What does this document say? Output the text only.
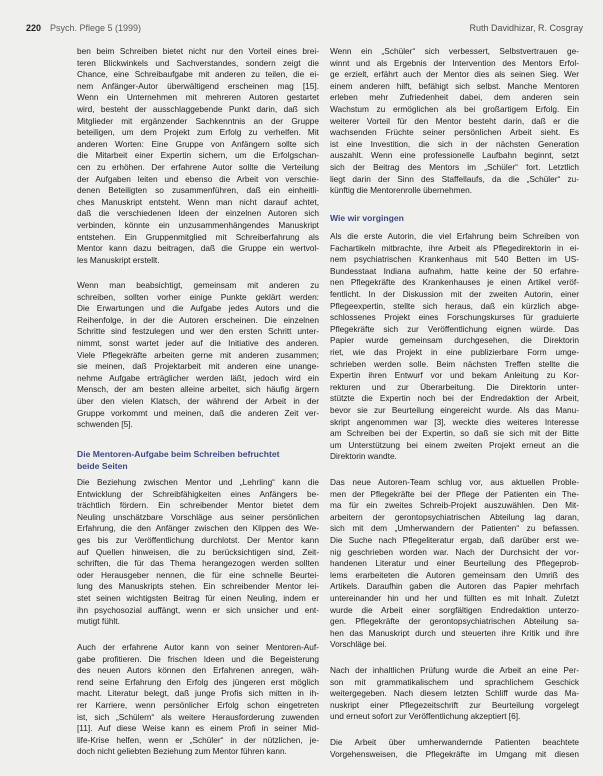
220 Psych. Pflege 5 (1999)	Ruth Davidhizar, R. Cosgray
ben beim Schreiben bietet nicht nur den Vorteil eines brei-
teren Blickwinkels und Sachverstandes, sondern zeigt die
Chance, eine Schreibaufgabe mit anderen zu teilen, die ei-
nem Anfänger-Autor überwältigend erscheinen mag [15].
Wenn ein Unternehmen mit mehreren Autoren gestartet
wird, besteht der ausschlaggebende Punkt darin, daß sich
Mitglieder mit ergänzender Sachkenntnis an der Gruppe
beteiligen, um dem Projekt zum Erfolg zu verhelfen. Mit
anderen Worten: Eine Gruppe von Anfängern sollte sich
die Mitarbeit einer Expertin sichern, um die Erfolgschan-
cen zu erhöhen. Der erfahrene Autor sollte die Verteilung
der Aufgaben leiten und ebenso die Arbeit von verschie-
denen Beteiligten so zusammenführen, daß ein einheitli-
ches Manuskript entsteht. Wenn man nicht darauf achtet,
daß die verschiedenen Ideen der einzelnen Autoren sich
verbinden, könnte ein unzusammenhängendes Manuskript
entstehen. Ein Gruppenmitglied mit Schreiberfahrung als
Mentor kann dazu beitragen, daß die Gruppe ein wertvol-
les Manuskript erstellt.
Wenn man beabsichtigt, gemeinsam mit anderen zu
schreiben, sollten vorher einige Punkte geklärt werden:
Die Erwartungen und die Aufgabe jedes Autors und die
Reihenfolge, in der die Autoren erscheinen. Die einzelnen
Schritte sind festzulegen und wer den ersten Schritt unter-
nimmt, sonst wartet jeder auf die Initiative des anderen.
Viele Pflegekräfte arbeiten gerne mit anderen zusammen;
sie meinen, daß Projektarbeit mit anderen eine unange-
nehme Aufgabe erträglicher werden läßt, jedoch wird ein
Mensch, der am besten alleine arbeitet, sich häufig ärgern
über den vielen Klatsch, der während der Arbeit in der
Gruppe vorkommt und meinen, daß die anderen Zeit ver-
schwenden [5].
Die Mentoren-Aufgabe beim Schreiben befruchtet
beide Seiten
Die Beziehung zwischen Mentor und „Lehrling“ kann die
Entwicklung der Schreibfähigkeiten eines Anfängers be-
trächtlich fördern. Ein schreibender Mentor bietet dem
Neuling unschätzbare Vorschläge aus seiner persönlichen
Erfahrung, die den Anfänger zwischen den Klippen des We-
ges bis zur Veröffentlichung durchlotst. Der Mentor kann
auf Quellen hinweisen, die zu berücksichtigen sind, Zeit-
schriften, die für das Thema herangezogen werden sollten
oder Herausgeber nennen, die für eine schnelle Beurtei-
lung des Manuskripts stehen. Ein schreibender Mentor lei-
stet seinen wichtigsten Beitrag für einen Neuling, indem er
ihn psychosozial auffängt, wenn er sich unsicher und ent-
mutigt fühlt.
Auch der erfahrene Autor kann von seiner Mentoren-Auf-
gabe profitieren. Die frischen Ideen und die Begeisterung
des neuen Autors können den Erfahrenen anregen, wäh-
rend seine Erfahrung den Erfolg des jüngeren erst möglich
macht. Literatur belegt, daß junge Profis sich mitten in ih-
rer Karriere, wenn persönlicher Erfolg schon eingetreten
ist, sich „Schülern“ als weitere Herausforderung zuwenden
[11]. Auf diese Weise kann es einem Profi in seiner Mid-
life-Krise helfen, wenn er „Schüler“ in der nützlichen, je-
doch nicht geliebten Beziehung zum Mentor führen kann.
Wenn ein „Schüler“ sich verbessert, Selbstvertrauen ge-
winnt und als Ergebnis der Intervention des Mentors Erfol-
ge erzielt, erfährt auch der Mentor dies als seinen Sieg. Wer
einem anderen hilft, befähigt sich selbst. Manche Mentoren
erleben mehr Zufriedenheit dabei, dem anderen sein
Wachstum zu ermöglichen als bei großartigem Erfolg. Ein
weiterer Vorteil für den Mentor besteht darin, daß er die
wachsenden Früchte seiner persönlichen Arbeit sieht. Es
ist eine Investition, die sich in der nächsten Generation
auszahlt. Wenn eine professionelle Laufbahn beginnt, setzt
sich der Beitrag des Mentors im „Schüler“ fort. Letztlich
liegt darin der Sinn des Staffellaufs, da die „Schüler“ zu-
künftig die Mentorenrolle übernehmen.
Wie wir vorgingen
Als die erste Autorin, die viel Erfahrung beim Schreiben von
Fachartikeln mitbrachte, ihre Arbeit als Pflegedirektorin in ei-
nem psychiatrischen Krankenhaus mit 540 Betten im US-
Bundesstaat Indiana aufnahm, hatte keine der 50 erfahre-
nen Pflegekräfte des Krankenhauses je einen Artikel veröf-
fentlicht. In der Diskussion mit der zweiten Autorin, einer
Pflegeexpertin, stellte sich heraus, daß ein kürzlich abge-
schlossenes Projekt eines Forschungskurses für graduierte
Pflegekräfte sich zur Veröffentlichung eignen würde. Das
Papier wurde gemeinsam durchgesehen, die Direktorin
riet, wie das Projekt in eine publizierbare Form umge-
schrieben werden solle. Beim nächsten Treffen stellte die
Expertin ihren Entwurf vor und bekam Anleitung zu Kor-
rekturen und zur Überarbeitung. Die Direktorin unter-
stützte die Expertin noch bei der Endredaktion der Arbeit,
bevor sie zur Beurteilung eingereicht wurde. Als das Manu-
skript angenommen war [3], weckte dies weiteres Interesse
am Schreiben bei der Expertin, so daß sie sich mit der Bitte
um Unterstützung bei einem zweiten Projekt erneut an die
Direktorin wandte.
Das neue Autoren-Team schlug vor, aus aktuellen Proble-
men der Pflegekräfte bei der Pflege der Patienten ein The-
ma für ein zweites Schreib-Projekt auszuwählen. Den Mit-
arbeitern der gerontopsychiatrischen Abteilung lag daran,
sich mit dem „Umherwandern der Patienten“ zu befassen.
Die Suche nach Pflegeliteratur ergab, daß darüber erst we-
nig geschrieben worden war. Nach der Durchsicht der vor-
handenen Literatur und einer Beurteilung des Pflegeprob-
lems erarbeiteten die Autoren gemeinsam den Umriß des
Artikels. Daraufhin gaben die Autoren das Papier mehrfach
untereinander hin und her und füllten es mit Inhalt. Zuletzt
wurde die Arbeit einer sorgfältigen Endredaktion unterzo-
gen. Pflegekräfte der gerontopsychiatrischen Abteilung sa-
hen das Manuskript durch und steuerten ihre Kritik und ihre
Vorschläge bei.
Nach der inhaltlichen Prüfung wurde die Arbeit an eine Per-
son mit grammatikalischem und sprachlichem Geschick
weitergegeben. Nach diesem letzten Schliff wurde das Ma-
nuskript einer Pflegezeitschrift zur Beurteilung vorgelegt
und erneut sofort zur Veröffentlichung akzeptiert [6].
Die Arbeit über umherwandernde Patienten beachtete
Vorgehensweisen, die Pflegekräfte im Umgang mit diesen
